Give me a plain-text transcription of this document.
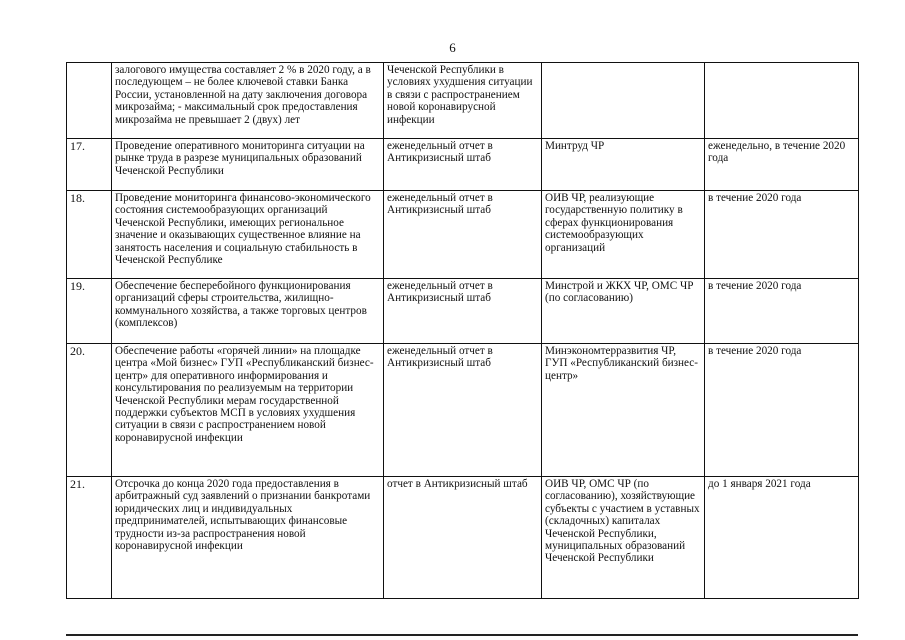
6
	залогового имущества составляет 2 % в 2020 году, а в последующем – не более ключевой ставки Банка России, установленной на дату заключения договора микрозайма; - максимальный срок предоставления микрозайма не превышает 2 (двух) лет	Чеченской Республики в условиях ухудшения ситуации в связи с распространением новой коронавирусной инфекции		
17.	Проведение оперативного мониторинга ситуации на рынке труда в разрезе муниципальных образований Чеченской Республики	еженедельный отчет в Антикризисный штаб	Минтруд ЧР	еженедельно, в течение 2020 года
18.	Проведение мониторинга финансово-экономического состояния системообразующих организаций Чеченской Республики, имеющих региональное значение и оказывающих существенное влияние на занятость населения и социальную стабильность в Чеченской Республике	еженедельный отчет в Антикризисный штаб	ОИВ ЧР, реализующие государственную политику в сферах функционирования системообразующих организаций	в течение 2020 года
19.	Обеспечение бесперебойного функционирования организаций сферы строительства, жилищно-коммунального хозяйства, а также торговых центров (комплексов)	еженедельный отчет в Антикризисный штаб	Минстрой и ЖКХ ЧР, ОМС ЧР (по согласованию)	в течение 2020 года
20.	Обеспечение работы «горячей линии» на площадке центра «Мой бизнес» ГУП «Республиканский бизнес-центр» для оперативного информирования и консультирования по реализуемым на территории Чеченской Республики мерам государственной поддержки субъектов МСП в условиях ухудшения ситуации в связи с распространением новой коронавирусной инфекции	еженедельный отчет в Антикризисный штаб	Минэкономтерразвития ЧР, ГУП «Республиканский бизнес-центр»	в течение 2020 года
21.	Отсрочка до конца 2020 года предоставления в арбитражный суд заявлений о признании банкротами юридических лиц и индивидуальных предпринимателей, испытывающих финансовые трудности из-за распространения новой коронавирусной инфекции	отчет в Антикризисный штаб	ОИВ ЧР, ОМС ЧР (по согласованию), хозяйствующие субъекты с участием в уставных (складочных) капиталах Чеченской Республики, муниципальных образований Чеченской Республики	до 1 января 2021 года
